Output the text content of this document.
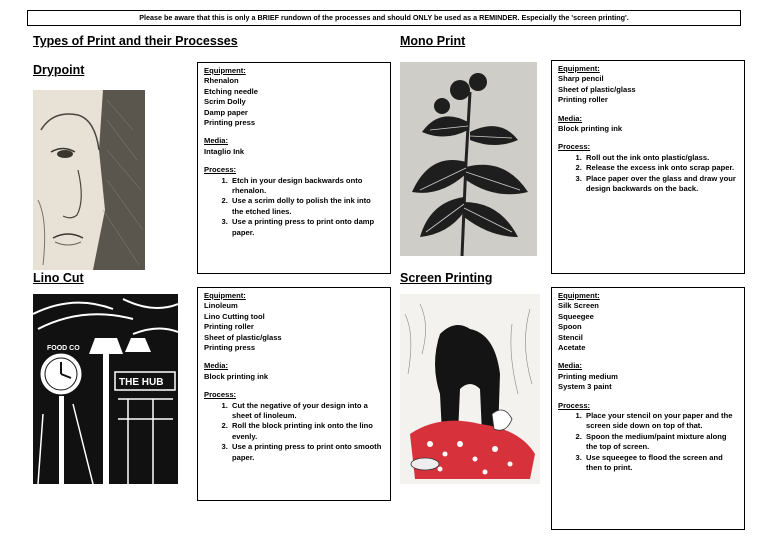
Please be aware that this is only a BRIEF rundown of the processes and should ONLY be used as a REMINDER. Especially the 'screen printing'.
Types of Print and their Processes
Drypoint	Equipment:
Rhenalon
Etching needle
Scrim Dolly
Damp paper
Printing press
Media:
Intaglio Ink
Process:
1. Etch in your design backwards onto rhenalon.
2. Use a scrim dolly to polish the ink into the etched lines.
3. Use a printing press to print onto damp paper.
Lino Cut
FOOD CO
THE HUB
Equipment:
Linoleum
Lino Cutting tool
Printing roller
Sheet of plastic/glass
Printing press
Media:
Block printing ink
Process:
1. Cut the negative of your design into a sheet of linoleum.
2. Roll the block printing ink onto the lino evenly.
3. Use a printing press to print onto smooth paper.
Mono Print
Equipment:
Sharp pencil
Sheet of plastic/glass
Printing roller
Media:
Block printing ink
Process:
1. Roll out the ink onto plastic/glass.
2. Release the excess ink onto scrap paper.
3. Place paper over the glass and draw your design backwards on the back.
Screen Printing
Equipment:
Silk Screen
Squeegee
Spoon
Stencil
Acetate
Media:
Printing medium
System 3 paint
Process:
1. Place your stencil on your paper and the screen side down on top of that.
2. Spoon the medium/paint mixture along the top of screen.
3. Use squeegee to flood the screen and then to print.
